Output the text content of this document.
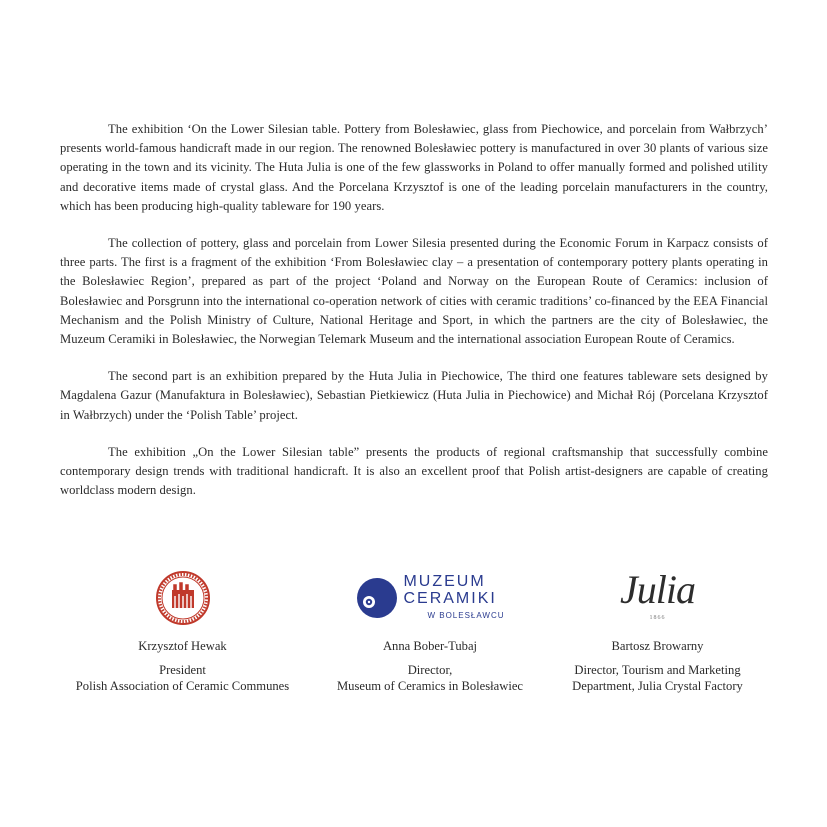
The exhibition ‘On the Lower Silesian table. Pottery from Bolesławiec, glass from Piechowice, and porcelain from Wałbrzych’ presents world-famous handicraft made in our region. The renowned Bolesławiec pottery is manufactured in over 30 plants of various size operating in the town and its vicinity. The Huta Julia is one of the few glassworks in Poland to offer manually formed and polished utility and decorative items made of crystal glass. And the Porcelana Krzysztof is one of the leading porcelain manufacturers in the country, which has been producing high-quality tableware for 190 years.

The collection of pottery, glass and porcelain from Lower Silesia presented during the Economic Forum in Karpacz consists of three parts. The first is a fragment of the exhibition ‘From Bolesławiec clay – a presentation of contemporary pottery plants operating in the Bolesławiec Region’, prepared as part of the project ‘Poland and Norway on the European Route of Ceramics: inclusion of Bolesławiec and Porsgrunn into the international co-operation network of cities with ceramic traditions’ co-financed by the EEA Financial Mechanism and the Polish Ministry of Culture, National Heritage and Sport, in which the partners are the city of Bolesławiec, the Muzeum Ceramiki in Bolesławiec, the Norwegian Telemark Museum and the international association European Route of Ceramics.

The second part is an exhibition prepared by the Huta Julia in Piechowice, The third one features tableware sets designed by Magdalena Gazur (Manufaktura in Bolesławiec), Sebastian Pietkiewicz (Huta Julia in Piechowice) and Michał Rój (Porcelana Krzysztof in Wałbrzych) under the ‘Polish Table’ project.

The exhibition „On the Lower Silesian table” presents the products of regional craftsmanship that successfully combine contemporary design trends with traditional handicraft. It is also an excellent proof that Polish artist-designers are capable of creating worldclass modern design.

Krzysztof Hewak
President
Polish Association of Ceramic Communes
MUZEUM
CERAMIKI
W BOLESŁAWCU
Anna Bober-Tubaj
Director,
Museum of Ceramics in Bolesławiec
Julia
1866
Bartosz Browarny
Director, Tourism and Marketing
Department, Julia Crystal Factory
